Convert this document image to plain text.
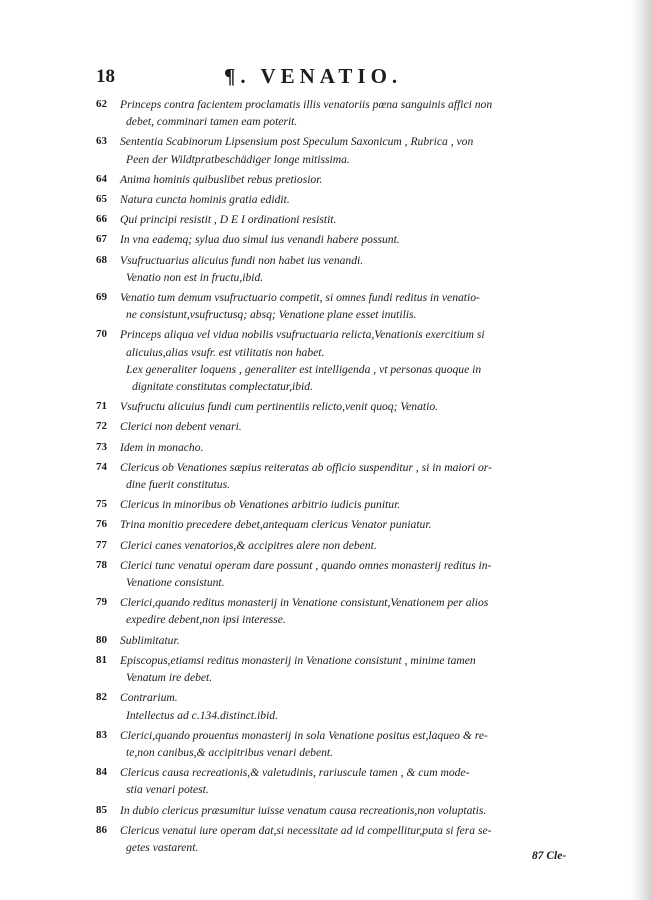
18	¶. VENATIO.
62 Princeps contra facientem proclamatis illis venatoriis pœna sanguinis affici non
debet, comminari tamen eam poterit.
63 Sententia Scabinorum Lipsensium post Speculum Saxonicum , Rubrica , von
Peen der Wildtpratbeschädiger longe mitissima.
64 Anima hominis quibuslibet rebus pretiosior.
65 Natura cuncta hominis gratia edidit.
66 Qui principi resistit , D E I ordinationi resistit.
67 In vna eademq; sylua duo simul ius venandi habere possunt.
68 Vsufructuarius alicuius fundi non habet ius venandi.
Venatio non est in fructu,ibid.
69 Venatio tum demum vsufructuario competit, si omnes fundi reditus in venatio-
ne consistunt,vsufructusq; absq; Venatione plane esset inutilis.
70 Princeps aliqua vel vidua nobilis vsufructuaria relicta,Venationis exercitium si
alicuius,alias vsufr. est vtilitatis non habet.
Lex generaliter loquens , generaliter est intelligenda , vt personas quoque in
dignitate constitutas complectatur,ibid.
71 Vsufructu alicuius fundi cum pertinentiis relicto,venit quoq; Venatio.
72 Clerici non debent venari.
73 Idem in monacho.
74 Clericus ob Venationes sæpius reiteratas ab officio suspenditur , si in maiori or-
dine fuerit constitutus.
75 Clericus in minoribus ob Venationes arbitrio iudicis punitur.
76 Trina monitio precedere debet,antequam clericus Venator puniatur.
77 Clerici canes venatorios,& accipitres alere non debent.
78 Clerici tunc venatui operam dare possunt , quando omnes monasterij reditus in-
Venatione consistunt.
79 Clerici,quando reditus monasterij in Venatione consistunt,Venationem per alios
expedire debent,non ipsi interesse.
80 Sublimitatur.
81 Episcopus,etiamsi reditus monasterij in Venatione consistunt , minime tamen
Venatum ire debet.
82 Contrarium.
Intellectus ad c.134.distinct.ibid.
83 Clerici,quando prouentus monasterij in sola Venatione positus est,laqueo & re-
te,non canibus,& accipitribus venari debent.
84 Clericus causa recreationis,& valetudinis, rariuscule tamen , & cum mode-
stia venari potest.
85 In dubio clericus præsumitur iuisse venatum causa recreationis,non voluptatis.
86 Clericus venatui iure operam dat,si necessitate ad id compellitur,puta si fera se-
getes vastarent.
87 Cle-
